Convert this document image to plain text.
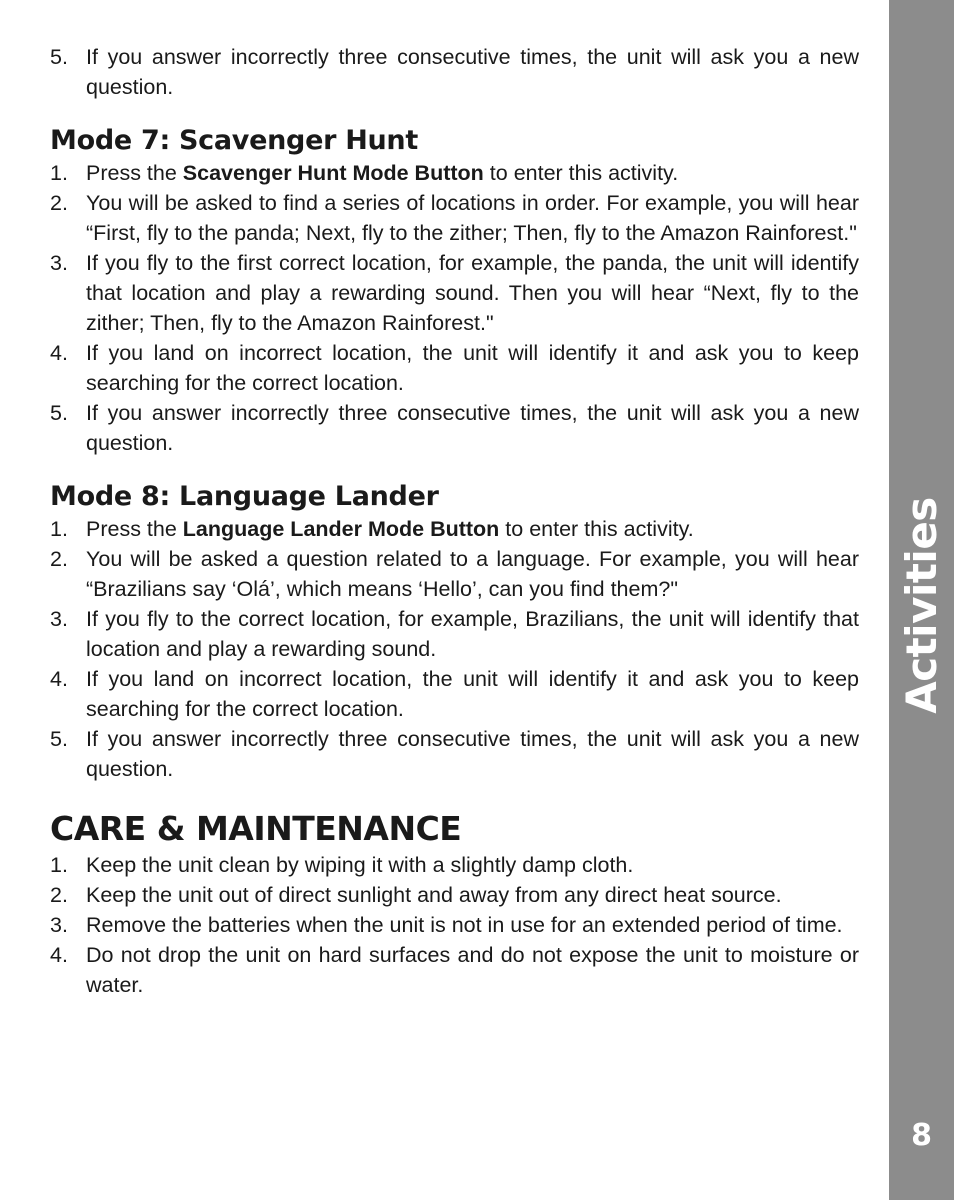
5. If you answer incorrectly three consecutive times, the unit will ask you a new question.
Mode 7: Scavenger Hunt
1. Press the Scavenger Hunt Mode Button to enter this activity.
2. You will be asked to find a series of locations in order. For example, you will hear “First, fly to the panda; Next, fly to the zither; Then, fly to the Amazon Rainforest."
3. If you fly to the first correct location, for example, the panda, the unit will identify that location and play a rewarding sound. Then you will hear “Next, fly to the zither; Then, fly to the Amazon Rainforest."
4. If you land on incorrect location, the unit will identify it and ask you to keep searching for the correct location.
5. If you answer incorrectly three consecutive times, the unit will ask you a new question.
Mode 8: Language Lander
1. Press the Language Lander Mode Button to enter this activity.
2. You will be asked a question related to a language. For example, you will hear “Brazilians say ‘Olá’, which means ‘Hello’, can you find them?"
3. If you fly to the correct location, for example, Brazilians, the unit will identify that location and play a rewarding sound.
4. If you land on incorrect location, the unit will identify it and ask you to keep searching for the correct location.
5. If you answer incorrectly three consecutive times, the unit will ask you a new question.
CARE & MAINTENANCE
1. Keep the unit clean by wiping it with a slightly damp cloth.
2. Keep the unit out of direct sunlight and away from any direct heat source.
3. Remove the batteries when the unit is not in use for an extended period of time.
4. Do not drop the unit on hard surfaces and do not expose the unit to moisture or water.
Activities
8
